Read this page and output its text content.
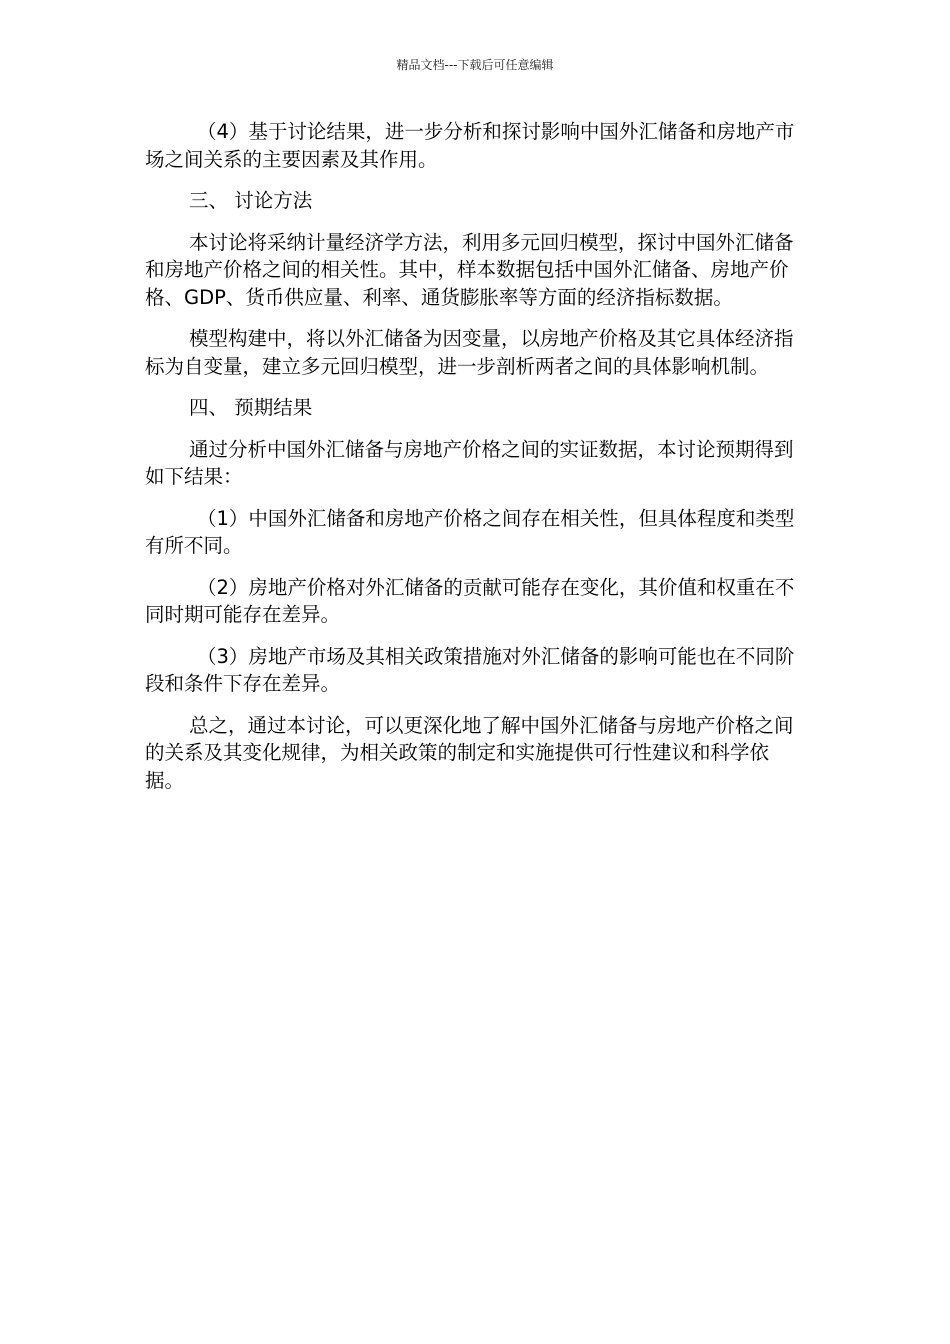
精品文档---下载后可任意编辑

（4）基于讨论结果，进一步分析和探讨影响中国外汇储备和房地产市场之间关系的主要因素及其作用。

三、 讨论方法

本讨论将采纳计量经济学方法，利用多元回归模型，探讨中国外汇储备和房地产价格之间的相关性。其中，样本数据包括中国外汇储备、房地产价格、GDP、货币供应量、利率、通货膨胀率等方面的经济指标数据。

模型构建中，将以外汇储备为因变量，以房地产价格及其它具体经济指标为自变量，建立多元回归模型，进一步剖析两者之间的具体影响机制。

四、 预期结果

通过分析中国外汇储备与房地产价格之间的实证数据，本讨论预期得到如下结果：

（1）中国外汇储备和房地产价格之间存在相关性，但具体程度和类型有所不同。

（2）房地产价格对外汇储备的贡献可能存在变化，其价值和权重在不同时期可能存在差异。

（3）房地产市场及其相关政策措施对外汇储备的影响可能也在不同阶段和条件下存在差异。

总之，通过本讨论，可以更深化地了解中国外汇储备与房地产价格之间的关系及其变化规律，为相关政策的制定和实施提供可行性建议和科学依据。
